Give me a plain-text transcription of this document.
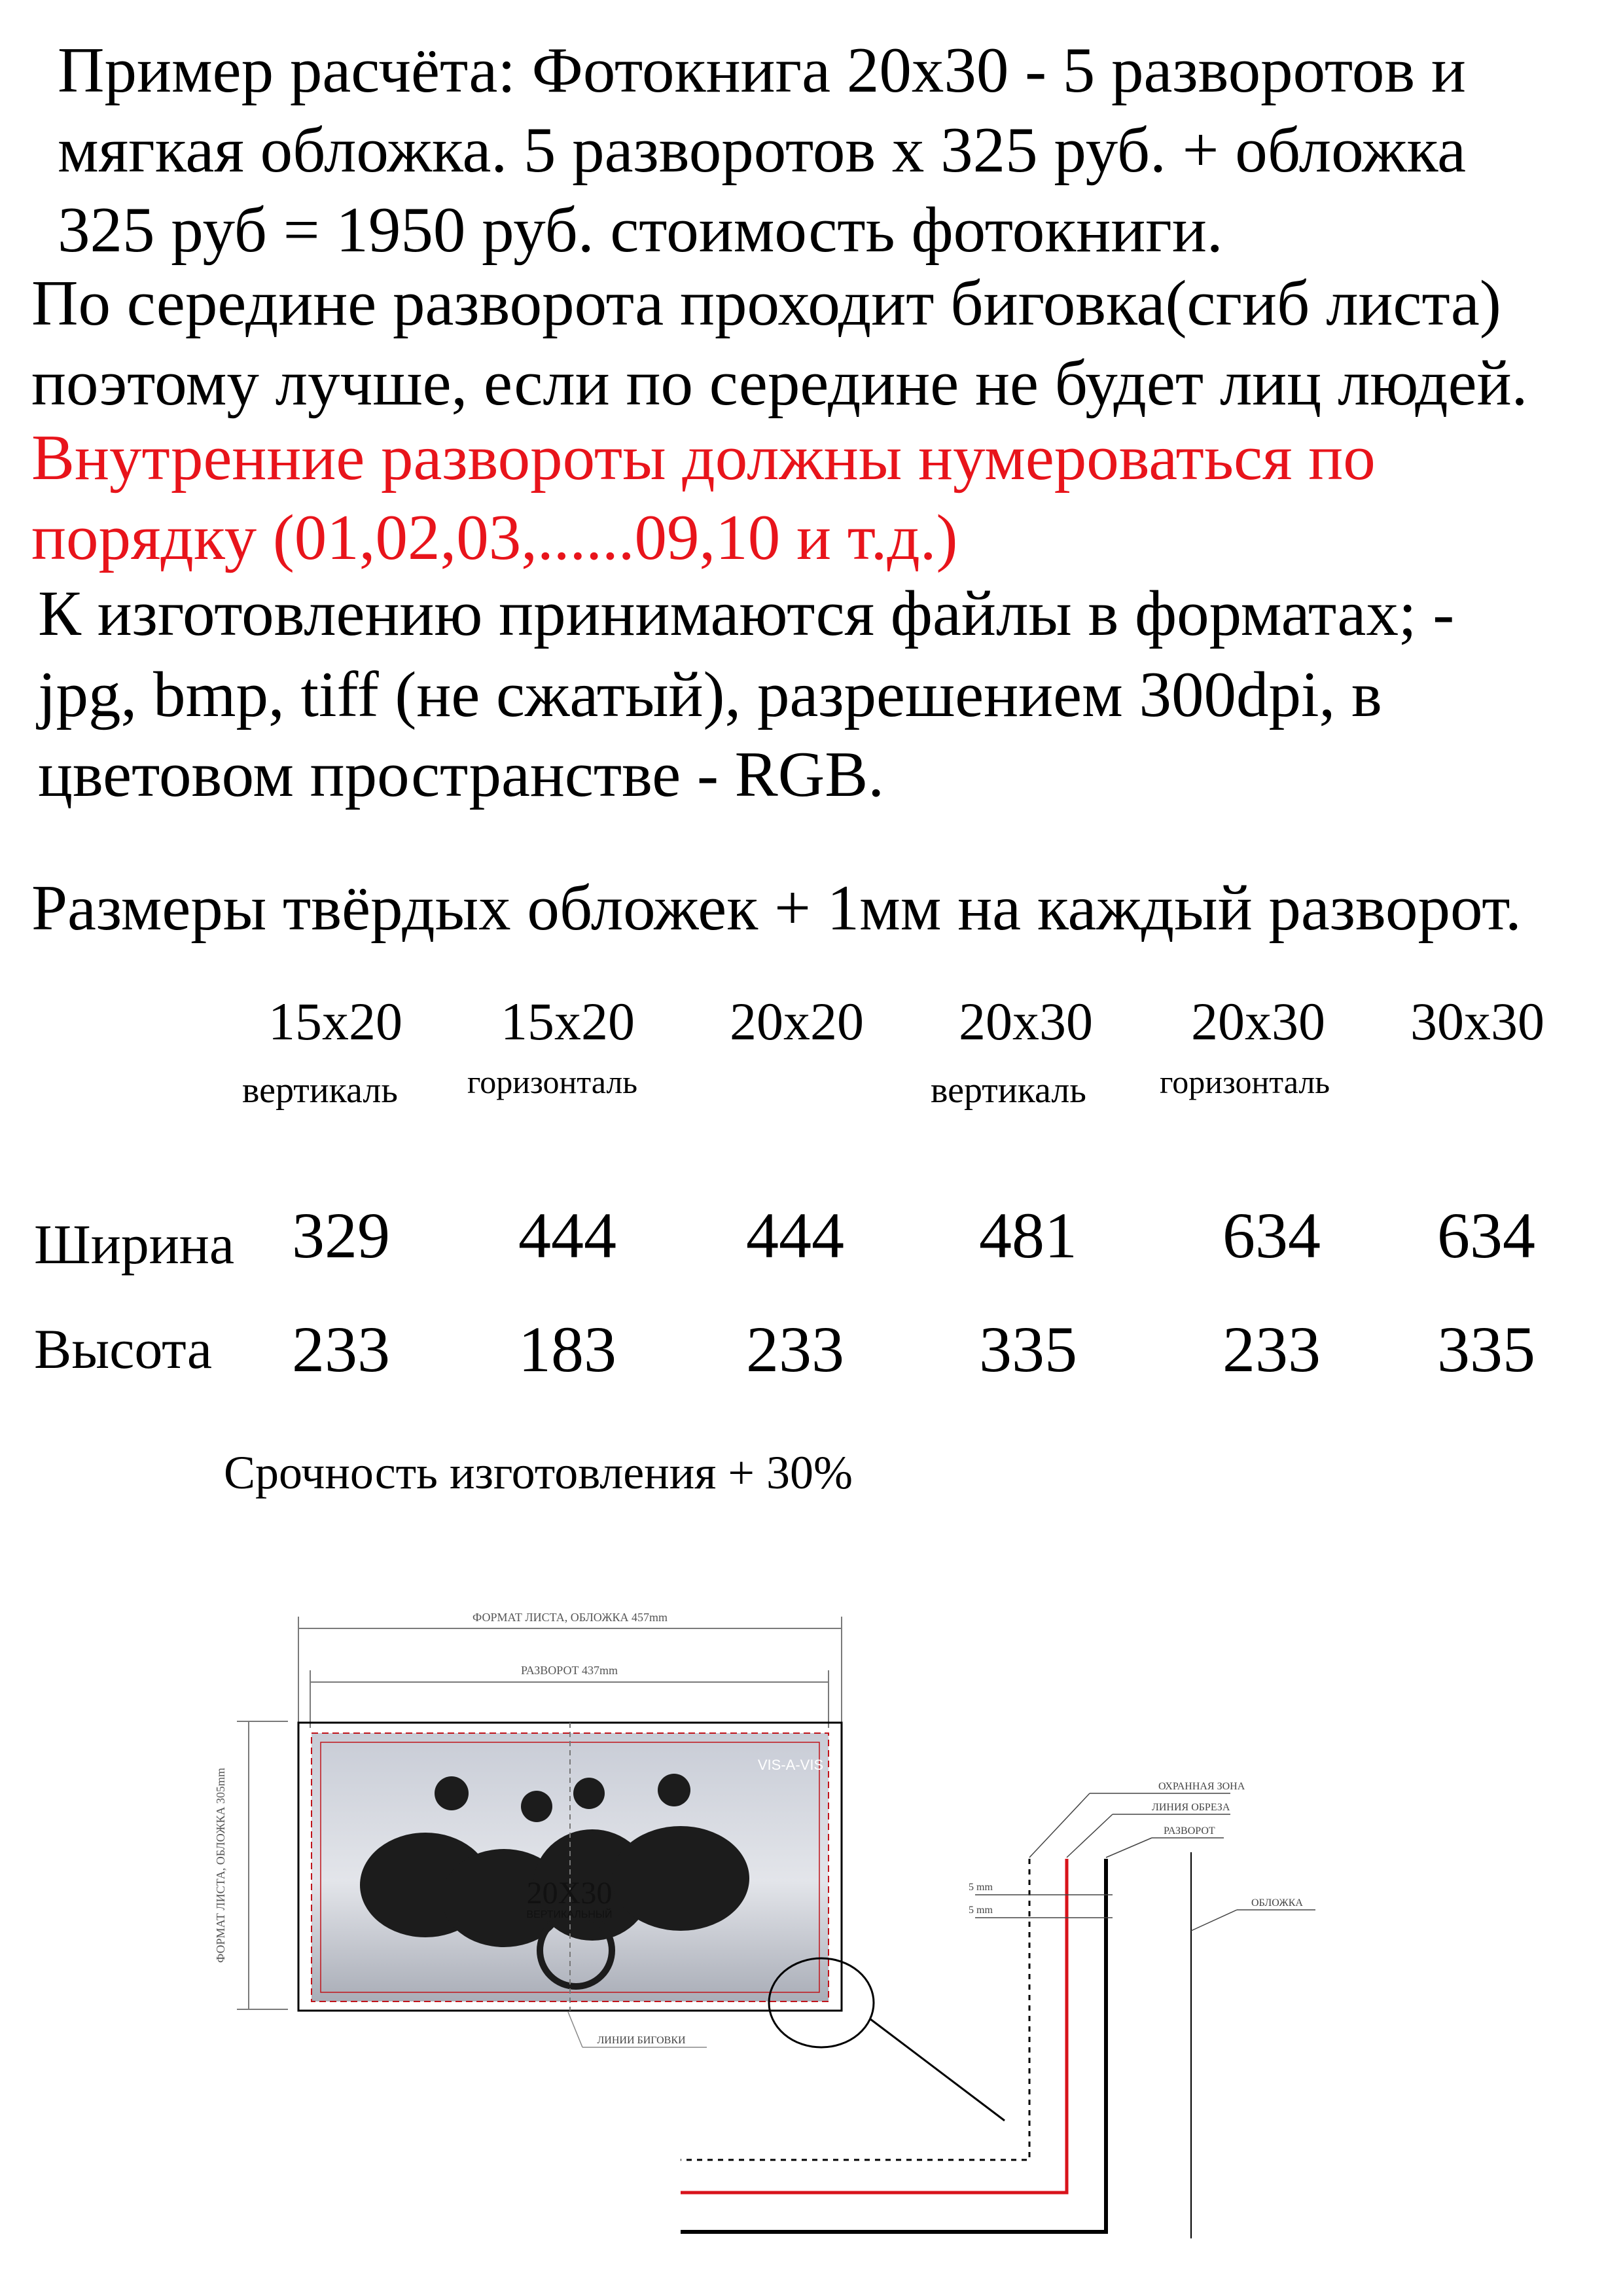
Пример расчёта: Фотокнига 20х30 - 5 разворотов и
мягкая обложка. 5 разворотов х 325 руб. + обложка
325 руб = 1950 руб. стоимость фотокниги.
По середине разворота проходит биговка(сгиб листа)
поэтому лучше, если по середине не будет лиц людей.
Внутренние развороты должны нумероваться по
порядку (01,02,03,......09,10 и т.д.)
К изготовлению принимаются файлы в форматах; -
jpg, bmp, tiff (не сжатый), разрешением 300dpi, в
цветовом пространстве - RGB.
Размеры твёрдых обложек + 1мм на каждый разворот.
15x20 15x20 20x20 20x30 20x30 30x30
вертикаль горизонталь	вертикаль горизонталь
Ширина 329 444 444 481 634 634
Высота 233 183 233 335 233 335
Срочность изготовления + 30%
ФОРМАТ ЛИСТА, ОБЛОЖКА 457mm
РАЗВОРОТ 437mm
ФОРМАТ ЛИСТА, ОБЛОЖКА 305mm
VIS-A-VIS
20X30
ВЕРТИКАЛЬНЫЙ
ЛИНИИ БИГОВКИ
ОХРАННАЯ ЗОНА
ЛИНИЯ ОБРЕЗА
РАЗВОРОТ
ОБЛОЖКА
5 mm
5 mm
